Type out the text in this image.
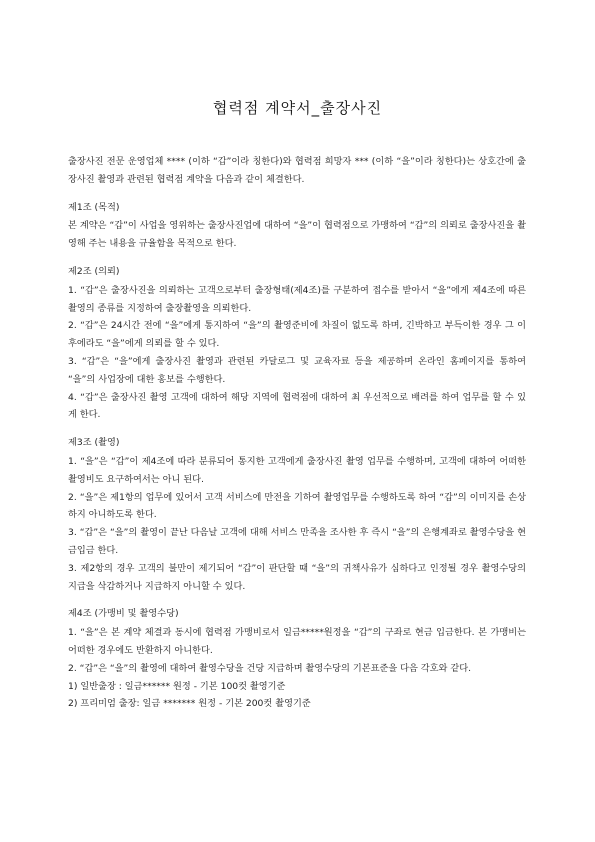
협력점 계약서_출장사진

출장사진 전문 운영업체 **** (이하 “갑”이라 칭한다)와 협력점 희망자 *** (이하 “을”이라 칭한다)는 상호간에 출장사진 촬영과 관련된 협력점 계약을 다음과 같이 체결한다.

제1조 (목적)

본 계약은 “갑”이 사업을 영위하는 출장사진업에 대하여 “을”이 협력점으로 가맹하여 “갑”의 의뢰로 출장사진을 촬영해 주는 내용을 규율함을 목적으로 한다.

제2조 (의뢰)

1. “갑”은 출장사진을 의뢰하는 고객으로부터 출장형태(제4조)를 구분하여 접수를 받아서 “을”에게 제4조에 따른 촬영의 종류를 지정하여 출장촬영을 의뢰한다.

2. “갑”은 24시간 전에 “을”에게 통지하여 “을”의 촬영준비에 차질이 없도록 하며, 긴박하고 부득이한 경우 그 이후에라도 “을”에게 의뢰를 할 수 있다.

3. “갑”은 “을”에게 출장사진 촬영과 관련된 카달로그 및 교육자료 등을 제공하며 온라인 홈페이지를 통하여 “을”의 사업장에 대한 홍보를 수행한다.

4. “갑”은 출장사진 촬영 고객에 대하여 해당 지역에 협력점에 대하여 최 우선적으로 배려를 하여 업무를 할 수 있게 한다.

제3조 (촬영)

1. “을”은 “갑”이 제4조에 따라 분류되어 통지한 고객에게 출장사진 촬영 업무를 수행하며, 고객에 대하여 어떠한 촬영비도 요구하여서는 아니 된다.

2. “을”은 제1항의 업무에 있어서 고객 서비스에 만전을 기하여 촬영업무를 수행하도록 하여 “갑”의 이미지를 손상하지 아니하도록 한다.

3. “갑”은 “을”의 촬영이 끝난 다음날 고객에 대해 서비스 만족을 조사한 후 즉시 “을”의 은행계좌로 촬영수당을 현금입금 한다.

3. 제2항의 경우 고객의 불만이 제기되어 “갑”이 판단할 때 “을”의 귀책사유가 심하다고 인정될 경우 촬영수당의 지급을 삭감하거나 지급하지 아니할 수 있다.

제4조 (가맹비 및 촬영수당)

1. “을”은 본 계약 체결과 동시에 협력점 가맹비로서 일금*****원정을 “갑”의 구좌로 현금 입금한다. 본 가맹비는 어떠한 경우에도 반환하지 아니한다.

2. “갑”은 “을”의 촬영에 대하여 촬영수당을 건당 지급하며 촬영수당의 기본표준을 다음 각호와 같다.

1) 일반출장 : 일금****** 원정 - 기본 100컷 촬영기준

2) 프리미엄 출장: 일금 ******* 원정 - 기본 200컷 촬영기준
